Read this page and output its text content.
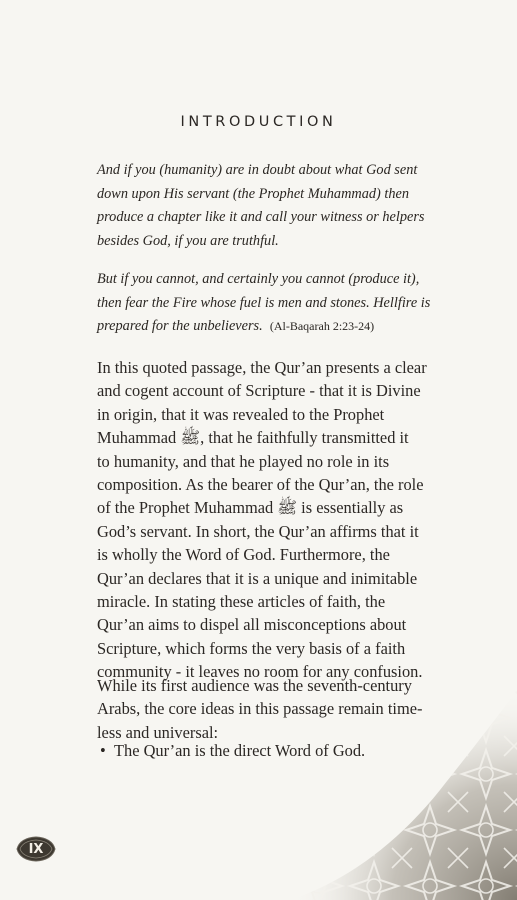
INTRODUCTION

And if you (humanity) are in doubt about what God sent

down upon His servant (the Prophet Muhammad) then

produce a chapter like it and call your witness or helpers

besides God, if you are truthful.

But if you cannot, and certainly you cannot (produce it),

then fear the Fire whose fuel is men and stones. Hellfire is

prepared for the unbelievers. (Al-Baqarah 2:23-24)

In this quoted passage, the Qur’an presents a clear

and cogent account of Scripture - that it is Divine

in origin, that it was revealed to the Prophet

Muhammad ﷺ, that he faithfully transmitted it

to humanity, and that he played no role in its

composition. As the bearer of the Qur’an, the role

of the Prophet Muhammad ﷺ is essentially as

God’s servant. In short, the Qur’an affirms that it

is wholly the Word of God. Furthermore, the

Qur’an declares that it is a unique and inimitable

miracle. In stating these articles of faith, the

Qur’an aims to dispel all misconceptions about

Scripture, which forms the very basis of a faith

community - it leaves no room for any confusion.

While its first audience was the seventh-century

Arabs, the core ideas in this passage remain time-

less and universal:

• The Qur’an is the direct Word of God.
IX
